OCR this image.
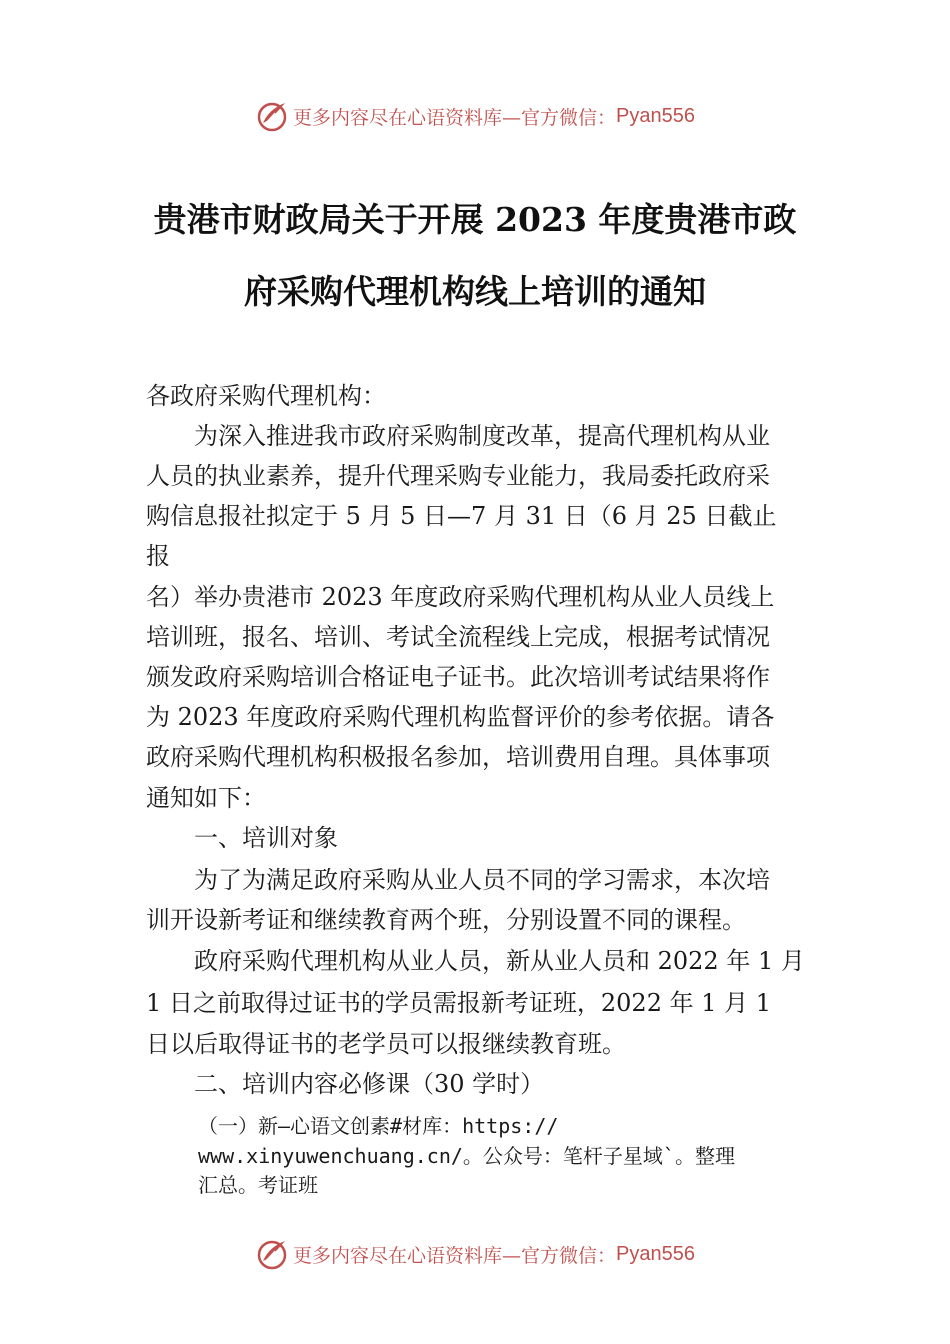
更多内容尽在心语资料库—官方微信： Pyan556
贵港市财政局关于开展 2023 年度贵港市政
府采购代理机构线上培训的通知
各政府采购代理机构：
为深入推进我市政府采购制度改革，提高代理机构从业
人员的执业素养，提升代理采购专业能力，我局委托政府采
购信息报社拟定于 5 月 5 日—7 月 31 日（6 月 25 日截止
报
名）举办贵港市 2023 年度政府采购代理机构从业人员线上
培训班，报名、培训、考试全流程线上完成，根据考试情况
颁发政府采购培训合格证电子证书。此次培训考试结果将作
为 2023 年度政府采购代理机构监督评价的参考依据。请各
政府采购代理机构积极报名参加，培训费用自理。具体事项
通知如下：
一、培训对象
为了为满足政府采购从业人员不同的学习需求，本次培
训开设新考证和继续教育两个班，分别设置不同的课程。
政府采购代理机构从业人员，新从业人员和 2022 年 1 月
1 日之前取得过证书的学员需报新考证班，2022 年 1 月 1
日以后取得证书的老学员可以报继续教育班。
二、培训内容必修课（30 学时）
（一）新—心语文创素#材库：https://
www.xinyuwenchuang.cn/。公众号：笔杆子星域`。整理
汇总。考证班
更多内容尽在心语资料库—官方微信： Pyan556
